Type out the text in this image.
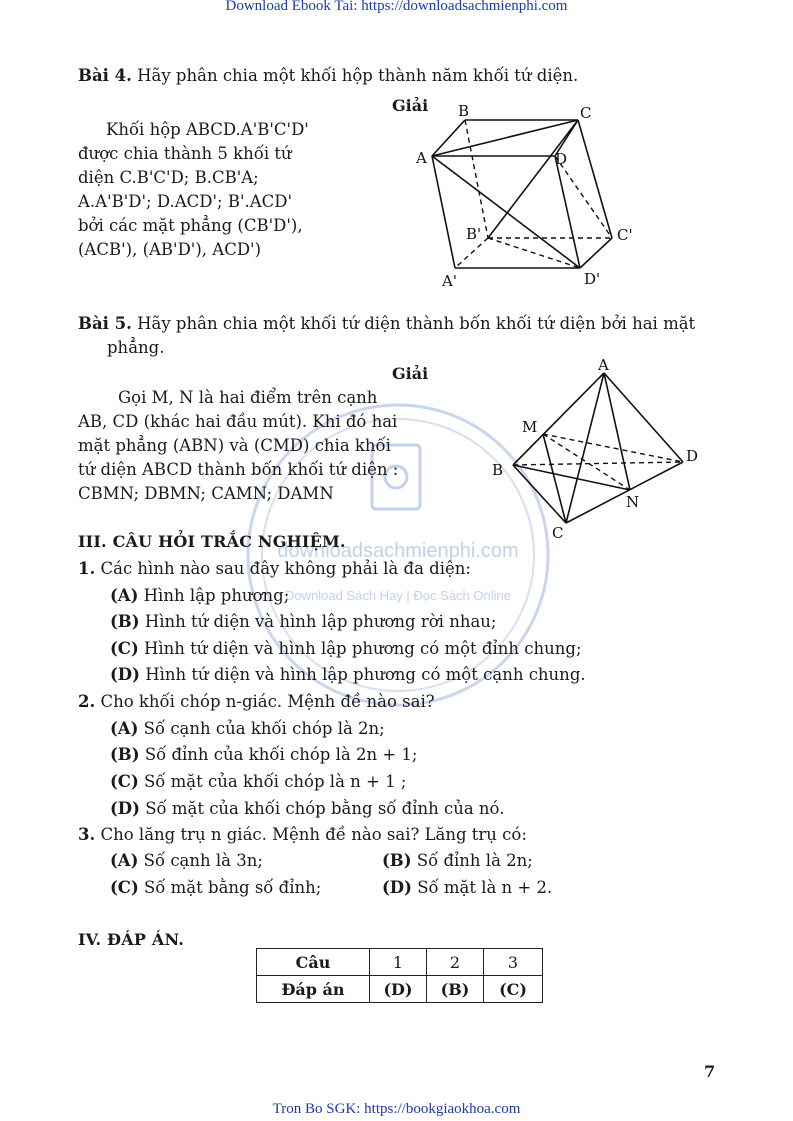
Download Ebook Tai: https://downloadsachmienphi.com
Tron Bo SGK: https://bookgiaokhoa.com
downloadsachmienphi.com
Download Sách Hay | Đọc Sách Online
Bài 4. Hãy phân chia một khối hộp thành năm khối tứ diện.
Giải
Khối hộp ABCD.A'B'C'D'
được chia thành 5 khối tứ
diện C.B'C'D; B.CB'A;
A.A'B'D'; D.ACD'; B'.ACD'
bởi các mặt phẳng (CB'D'),
(ACB'), (AB'D'), ACD')
B	C
A	D
B'	C'
A'	D'
Bài 5. Hãy phân chia một khối tứ diện thành bốn khối tứ diện bởi hai mặt
phẳng.
Giải
Gọi M, N là hai điểm trên cạnh
AB, CD (khác hai đầu mút). Khi đó hai
mặt phẳng (ABN) và (CMD) chia khối
tứ diện ABCD thành bốn khối tứ diện :
CBMN; DBMN; CAMN; DAMN
A
M
B
D
N
C
III. CÂU HỎI TRẮC NGHIỆM.
1. Các hình nào sau đây không phải là đa diện:
(A) Hình lập phương;
(B) Hình tứ diện và hình lập phương rời nhau;
(C) Hình tứ diện và hình lập phương có một đỉnh chung;
(D) Hình tứ diện và hình lập phương có một cạnh chung.
2. Cho khối chóp n-giác. Mệnh đề nào sai?
(A) Số cạnh của khối chóp là 2n;
(B) Số đỉnh của khối chóp là 2n + 1;
(C) Số mặt của khối chóp là n + 1 ;
(D) Số mặt của khối chóp bằng số đỉnh của nó.
3. Cho lăng trụ n giác. Mệnh đề nào sai? Lăng trụ có:
(A) Số cạnh là 3n;	(B) Số đỉnh là 2n;
(C) Số mặt bằng số đỉnh;	(D) Số mặt là n + 2.
IV. ĐÁP ÁN.
Câu	1	2	3
Đáp án	(D)	(B)	(C)
7
